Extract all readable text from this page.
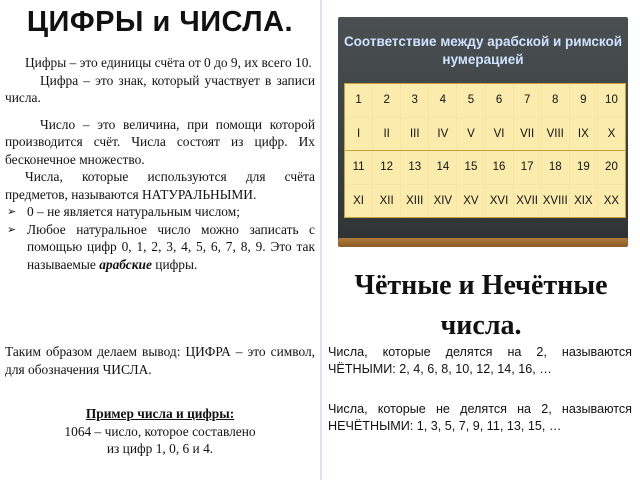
ЦИФРЫ и ЧИСЛА.

Цифры – это единицы счёта от 0 до 9, их всего 10.

Цифра – это знак, который участвует в записи числа.

Число – это величина, при помощи которой производится счёт. Числа состоят из цифр. Их бесконечное множество.

Числа, которые используются для счёта предметов, называются НАТУРАЛЬНЫМИ.

➢ 0 – не является натуральным числом;
➢ Любое натуральное число можно записать с помощью цифр 0, 1, 2, 3, 4, 5, 6, 7, 8, 9. Это так называемые арабские цифры.
Таким образом делаем вывод: ЦИФРА – это символ, для обозначения ЧИСЛА.
Пример числа и цифры:
1064 – число, которое составлено
из цифр 1, 0, 6 и 4.
Соответствие между арабской и римской нумерацией
1	2	3	4	5	6	7	8	9	10
I	II	III	IV	V	VI	VII	VIII	IX	X
11	12	13	14	15	16	17	18	19	20
XI	XII	XIII XIV XV XVI XVII XVIII XIX XX
Чётные и Нечётные числа.
Числа, которые делятся на 2, называются ЧЁТНЫМИ: 2, 4, 6, 8, 10, 12, 14, 16, …
Числа, которые не делятся на 2, называются НЕЧЁТНЫМИ: 1, 3, 5, 7, 9, 11, 13, 15, …
